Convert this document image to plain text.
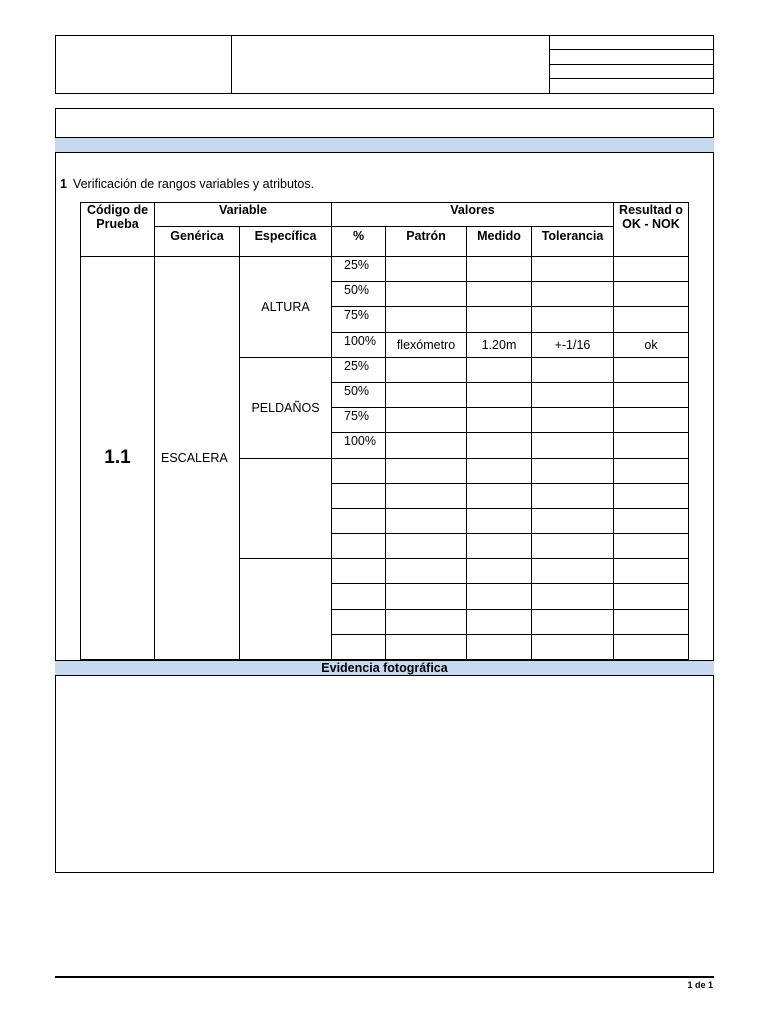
1 Verificación de rangos variables y atributos.
Código de Prueba	Variable		Valores				Resultad o OK - NOK
	Genérica	Específica	%	Patrón	Medido	Tolerancia	
1.1	ESCALERA	ALTURA	25%				
			50%				
			75%				
			100%	flexómetro	1.20m	+-1/16	ok
		PELDAÑOS	25%				
			50%				
			75%				
			100%				

Evidencia fotográfica
1 de 1
